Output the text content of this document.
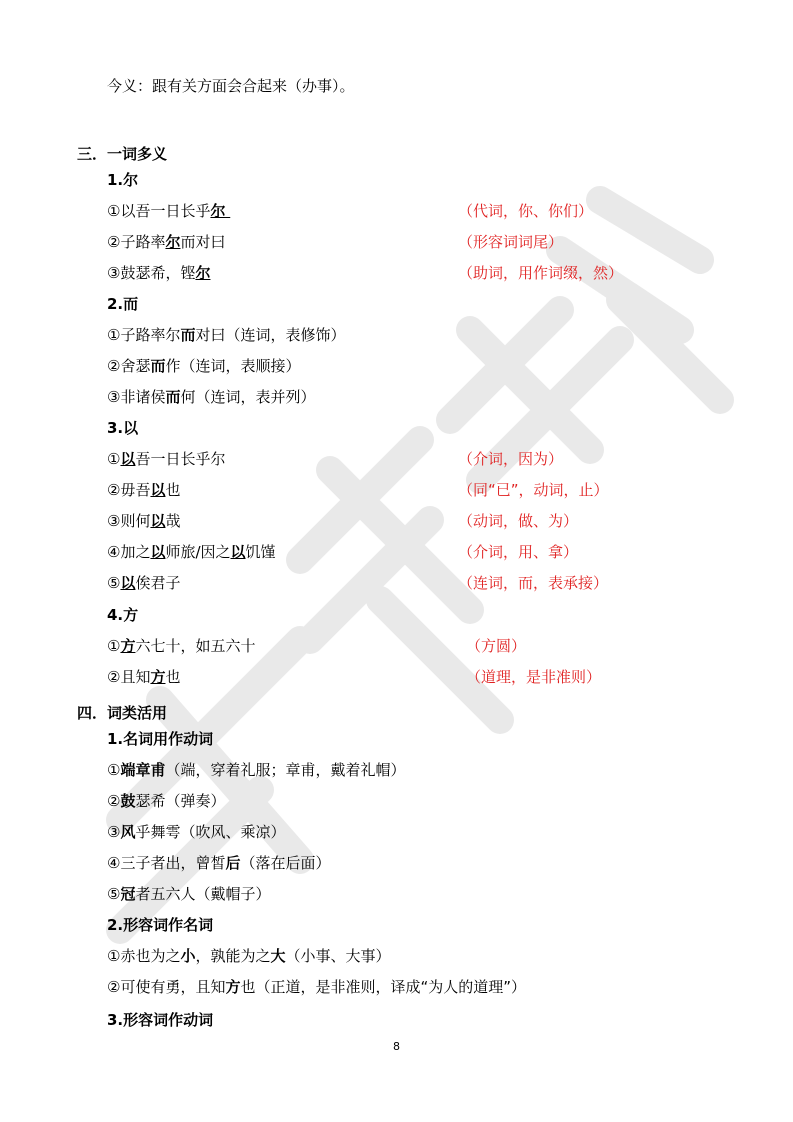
今义：跟有关方面会合起来（办事）。
三．一词多义
1.尔
①以吾一日长乎尔	（代词，你、你们）
②子路率尔而对曰	（形容词词尾）
③鼓瑟希，铿尔	（助词，用作词缀，然）
2.而
①子路率尔而对曰（连词，表修饰）
②舍瑟而作（连词，表顺接）
③非诸侯而何（连词，表并列）
3.以
①以吾一日长乎尔	（介词，因为）
②毋吾以也	（同“已”，动词，止）
③则何以哉	（动词，做、为）
④加之以师旅/因之以饥馑	（介词，用、拿）
⑤以俟君子	（连词，而，表承接）
4.方
①方六七十，如五六十	（方圆）
②且知方也	（道理，是非准则）
四．词类活用
1.名词用作动词
①端章甫（端，穿着礼服；章甫，戴着礼帽）
②鼓瑟希（弹奏）
③风乎舞雩（吹风、乘凉）
④三子者出，曾皙后（落在后面）
⑤冠者五六人（戴帽子）
2.形容词作名词
①赤也为之小，孰能为之大（小事、大事）
②可使有勇，且知方也（正道，是非准则，译成“为人的道理”）
3.形容词作动词
8
